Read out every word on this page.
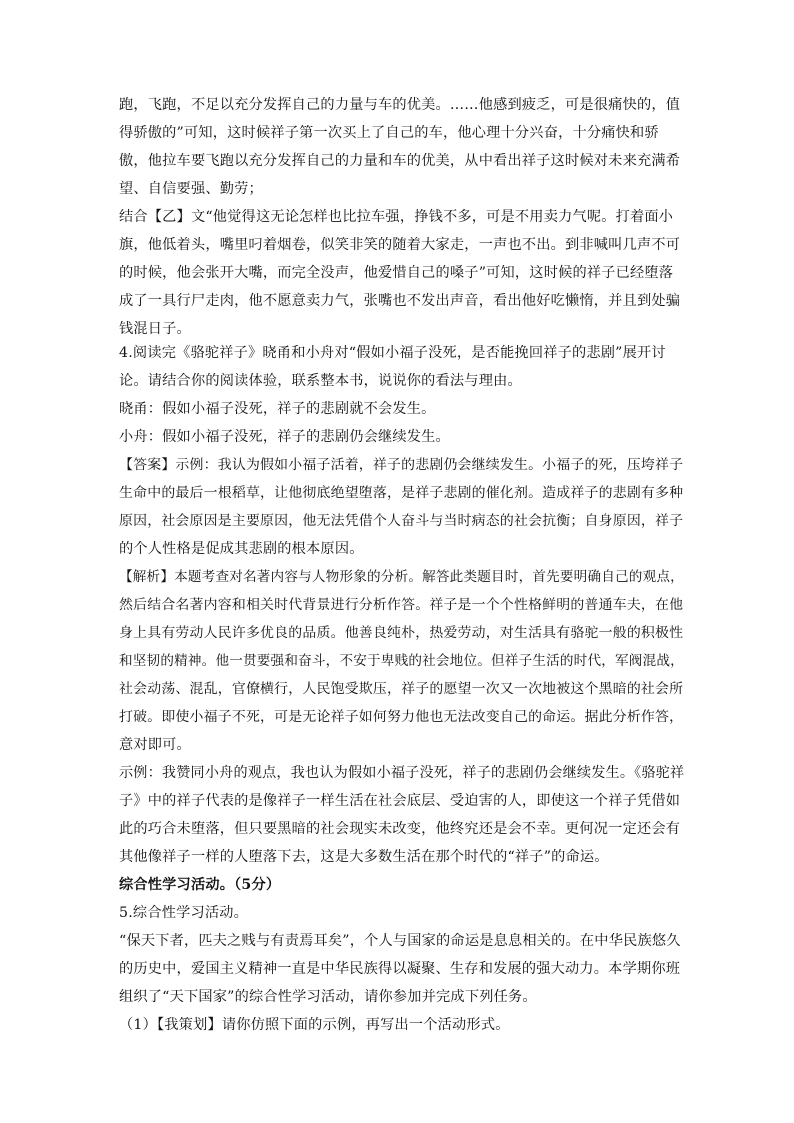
跑，飞跑，不足以充分发挥自己的力量与车的优美。……他感到疲乏，可是很痛快的，值
得骄傲的”可知，这时候祥子第一次买上了自己的车，他心理十分兴奋，十分痛快和骄
傲，他拉车要飞跑以充分发挥自己的力量和车的优美，从中看出祥子这时候对未来充满希
望、自信要强、勤劳；
结合【乙】文“他觉得这无论怎样也比拉车强，挣钱不多，可是不用卖力气呢。打着面小
旗，他低着头，嘴里叼着烟卷，似笑非笑的随着大家走，一声也不出。到非喊叫几声不可
的时候，他会张开大嘴，而完全没声，他爱惜自己的嗓子”可知，这时候的祥子已经堕落
成了一具行尸走肉，他不愿意卖力气，张嘴也不发出声音，看出他好吃懒惰，并且到处骗
钱混日子。
4.阅读完《骆驼祥子》晓甬和小舟对“假如小福子没死，是否能挽回祥子的悲剧”展开讨
论。请结合你的阅读体验，联系整本书，说说你的看法与理由。
晓甬：假如小福子没死，祥子的悲剧就不会发生。
小舟：假如小福子没死，祥子的悲剧仍会继续发生。
【答案】示例：我认为假如小福子活着，祥子的悲剧仍会继续发生。小福子的死，压垮祥子
生命中的最后一根稻草，让他彻底绝望堕落，是祥子悲剧的催化剂。造成祥子的悲剧有多种
原因，社会原因是主要原因，他无法凭借个人奋斗与当时病态的社会抗衡；自身原因，祥子
的个人性格是促成其悲剧的根本原因。
【解析】本题考查对名著内容与人物形象的分析。解答此类题目时，首先要明确自己的观点，
然后结合名著内容和相关时代背景进行分析作答。祥子是一个个性格鲜明的普通车夫，在他
身上具有劳动人民许多优良的品质。他善良纯朴，热爱劳动，对生活具有骆驼一般的积极性
和坚韧的精神。他一贯要强和奋斗，不安于卑贱的社会地位。但祥子生活的时代，军阀混战，
社会动荡、混乱，官僚横行，人民饱受欺压，祥子的愿望一次又一次地被这个黑暗的社会所
打破。即使小福子不死，可是无论祥子如何努力他也无法改变自己的命运。据此分析作答，
意对即可。
示例：我赞同小舟的观点，我也认为假如小福子没死，祥子的悲剧仍会继续发生。《骆驼祥
子》中的祥子代表的是像祥子一样生活在社会底层、受迫害的人，即使这一个祥子凭借如
此的巧合未堕落，但只要黑暗的社会现实未改变，他终究还是会不幸。更何况一定还会有
其他像祥子一样的人堕落下去，这是大多数生活在那个时代的“祥子”的命运。
综合性学习活动。（5分）
5.综合性学习活动。
“保天下者，匹夫之贱与有责焉耳矣”，个人与国家的命运是息息相关的。在中华民族悠久
的历史中，爱国主义精神一直是中华民族得以凝聚、生存和发展的强大动力。本学期你班
组织了“天下国家”的综合性学习活动，请你参加并完成下列任务。
（1）【我策划】请你仿照下面的示例，再写出一个活动形式。
